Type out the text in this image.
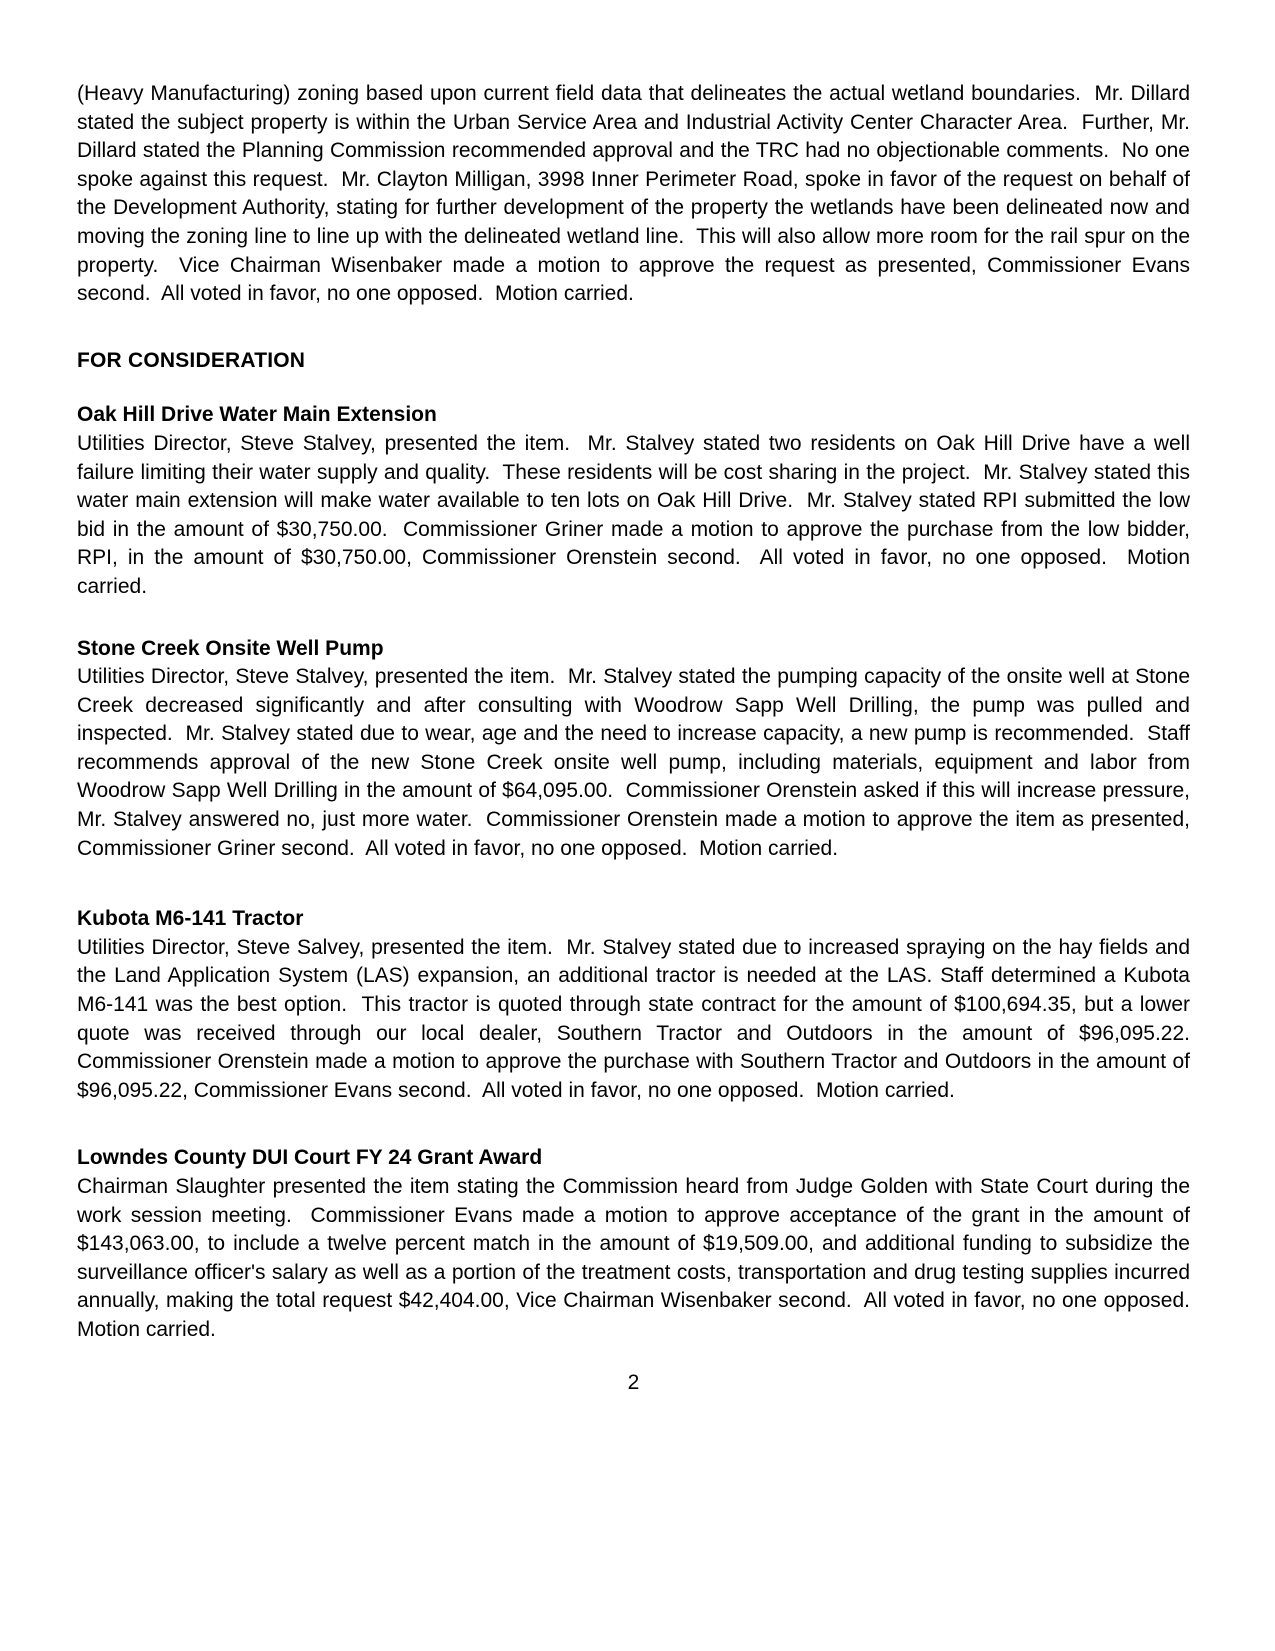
(Heavy Manufacturing) zoning based upon current field data that delineates the actual wetland boundaries.  Mr. Dillard stated the subject property is within the Urban Service Area and Industrial Activity Center Character Area.  Further, Mr. Dillard stated the Planning Commission recommended approval and the TRC had no objectionable comments.  No one spoke against this request.  Mr. Clayton Milligan, 3998 Inner Perimeter Road, spoke in favor of the request on behalf of the Development Authority, stating for further development of the property the wetlands have been delineated now and moving the zoning line to line up with the delineated wetland line.  This will also allow more room for the rail spur on the property.  Vice Chairman Wisenbaker made a motion to approve the request as presented, Commissioner Evans second.  All voted in favor, no one opposed.  Motion carried.

FOR CONSIDERATION
Oak Hill Drive Water Main Extension

Utilities Director, Steve Stalvey, presented the item.  Mr. Stalvey stated two residents on Oak Hill Drive have a well failure limiting their water supply and quality.  These residents will be cost sharing in the project.  Mr. Stalvey stated this water main extension will make water available to ten lots on Oak Hill Drive.  Mr. Stalvey stated RPI submitted the low bid in the amount of $30,750.00.  Commissioner Griner made a motion to approve the purchase from the low bidder, RPI, in the amount of $30,750.00, Commissioner Orenstein second.  All voted in favor, no one opposed.  Motion carried.

Stone Creek Onsite Well Pump

Utilities Director, Steve Stalvey, presented the item.  Mr. Stalvey stated the pumping capacity of the onsite well at Stone Creek decreased significantly and after consulting with Woodrow Sapp Well Drilling, the pump was pulled and inspected.  Mr. Stalvey stated due to wear, age and the need to increase capacity, a new pump is recommended.  Staff recommends approval of the new Stone Creek onsite well pump, including materials, equipment and labor from Woodrow Sapp Well Drilling in the amount of $64,095.00.  Commissioner Orenstein asked if this will increase pressure, Mr. Stalvey answered no, just more water.  Commissioner Orenstein made a motion to approve the item as presented, Commissioner Griner second.  All voted in favor, no one opposed.  Motion carried.

Kubota M6-141 Tractor

Utilities Director, Steve Salvey, presented the item.  Mr. Stalvey stated due to increased spraying on the hay fields and the Land Application System (LAS) expansion, an additional tractor is needed at the LAS. Staff determined a Kubota M6-141 was the best option.  This tractor is quoted through state contract for the amount of $100,694.35, but a lower quote was received through our local dealer, Southern Tractor and Outdoors in the amount of $96,095.22.  Commissioner Orenstein made a motion to approve the purchase with Southern Tractor and Outdoors in the amount of $96,095.22, Commissioner Evans second.  All voted in favor, no one opposed.  Motion carried.

Lowndes County DUI Court FY 24 Grant Award

Chairman Slaughter presented the item stating the Commission heard from Judge Golden with State Court during the work session meeting.  Commissioner Evans made a motion to approve acceptance of the grant in the amount of $143,063.00, to include a twelve percent match in the amount of $19,509.00, and additional funding to subsidize the surveillance officer's salary as well as a portion of the treatment costs, transportation and drug testing supplies incurred annually, making the total request $42,404.00, Vice Chairman Wisenbaker second.  All voted in favor, no one opposed.  Motion carried.

2
